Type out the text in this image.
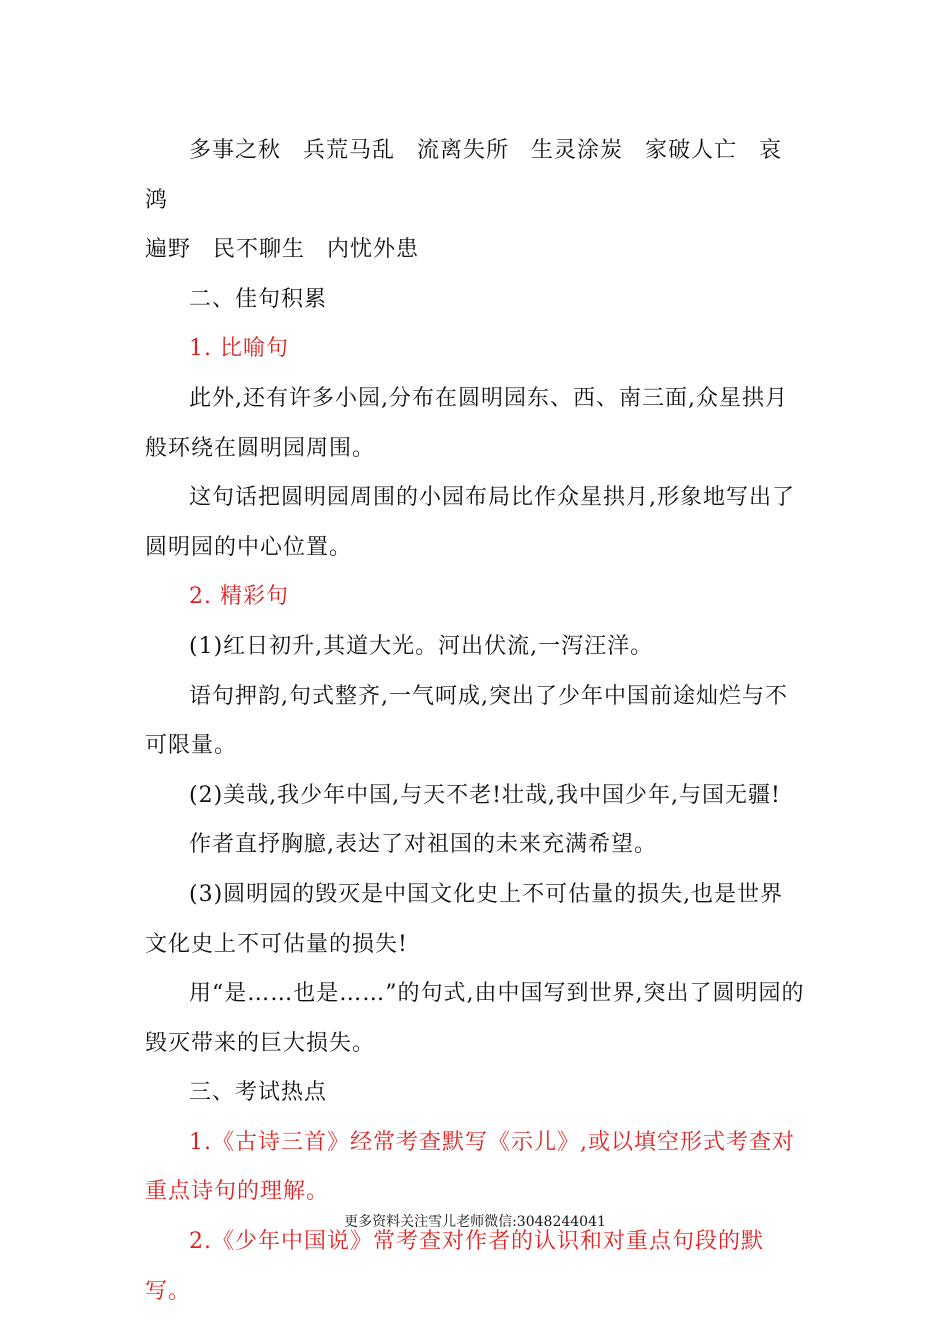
多事之秋 兵荒马乱 流离失所 生灵涂炭 家破人亡 哀鸿

遍野 民不聊生 内忧外患

二、佳句积累

1. 比喻句

此外,还有许多小园,分布在圆明园东、西、南三面,众星拱月般环绕在圆明园周围。

这句话把圆明园周围的小园布局比作众星拱月,形象地写出了圆明园的中心位置。

2. 精彩句

(1)红日初升,其道大光。河出伏流,一泻汪洋。

语句押韵,句式整齐,一气呵成,突出了少年中国前途灿烂与不可限量。

(2)美哉,我少年中国,与天不老!壮哉,我中国少年,与国无疆!

作者直抒胸臆,表达了对祖国的未来充满希望。

(3)圆明园的毁灭是中国文化史上不可估量的损失,也是世界文化史上不可估量的损失!

用“是……也是……”的句式,由中国写到世界,突出了圆明园的毁灭带来的巨大损失。

三、考试热点

1.《古诗三首》经常考查默写《示儿》,或以填空形式考查对重点诗句的理解。

2.《少年中国说》常考查对作者的认识和对重点句段的默写。

更多资料关注雪儿老师微信:3048244041
